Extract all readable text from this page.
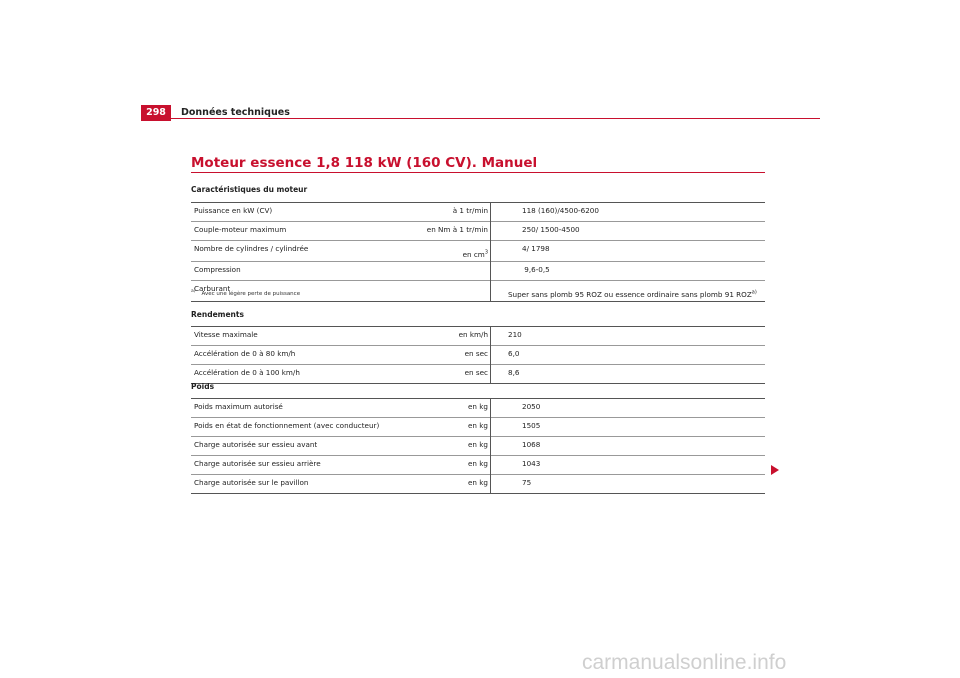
298	Données techniques
Moteur essence 1,8 118 kW (160 CV). Manuel
Caractéristiques du moteur
Puissance en kW (CV)	à 1 tr/min	118 (160)/4500-6200
Couple-moteur maximum	en Nm à 1 tr/min	250/ 1500-4500
Nombre de cylindres / cylindrée	en $cm^3$	4/ 1798
Compression		9,6-0,5
Carburant		Super sans plomb 95 ROZ ou essence ordinaire sans plomb 91 ROZ$^{a)}$
$^{a)}$ Avec une légère perte de puissance
Rendements
Vitesse maximale	en km/h	210
Accélération de 0 à 80 km/h	en sec	6,0
Accélération de 0 à 100 km/h	en sec	8,6
Poids
Poids maximum autorisé	en kg	2050
Poids en état de fonctionnement (avec conducteur)	en kg	1505
Charge autorisée sur essieu avant	en kg	1068
Charge autorisée sur essieu arrière	en kg	1043
Charge autorisée sur le pavillon	en kg	75
carmanualsonline.info
